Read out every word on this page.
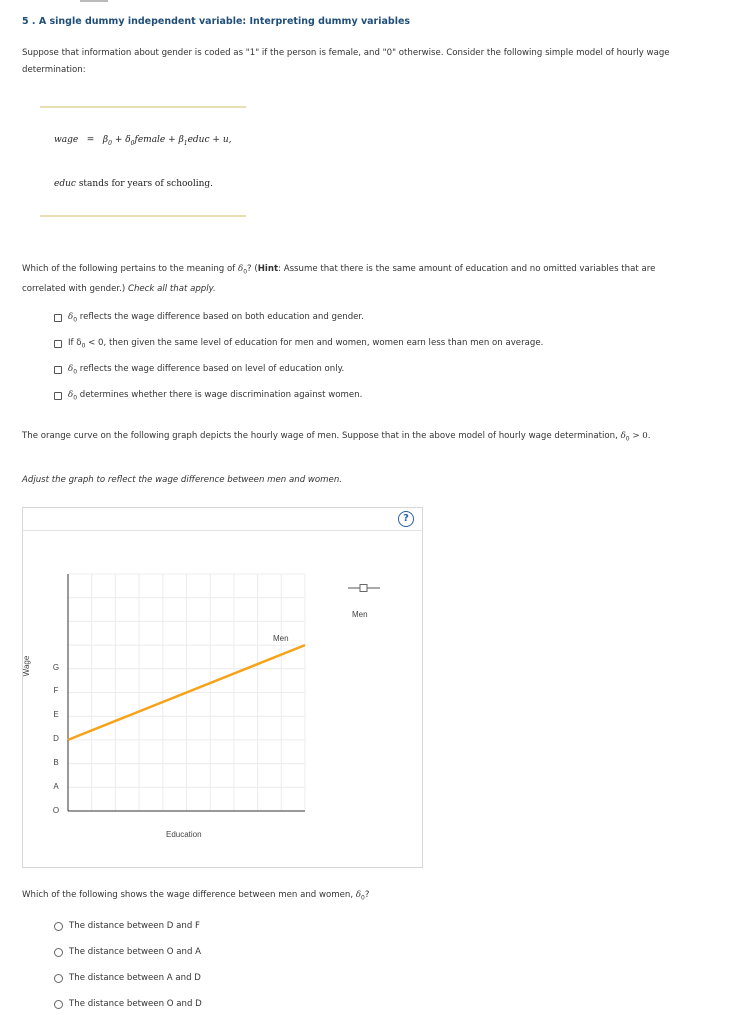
5 . A single dummy independent variable: Interpreting dummy variables
Suppose that information about gender is coded as "1" if the person is female, and "0" otherwise. Consider the following simple model of hourly wage
determination:
wage = $\beta_0$ + $\delta_0female$ + $\beta_1educ + u$,
educ stands for years of schooling.
Which of the following pertains to the meaning of $\delta_0$? (Hint: Assume that there is the same amount of education and no omitted variables that are
correlated with gender.) Check all that apply.
$\delta_0$ reflects the wage difference based on both education and gender.
If $\delta_0 < 0$, then given the same level of education for men and women, women earn less than men on average.
$\delta_0$ reflects the wage difference based on level of education only.
$\delta_0$ determines whether there is wage discrimination against women.
The orange curve on the following graph depicts the hourly wage of men. Suppose that in the above model of hourly wage determination, $\delta_0 > 0$.
Adjust the graph to reflect the wage difference between men and women.
?
Men
Men
Wage	G
F
E
D
B
A
O
Education
Which of the following shows the wage difference between men and women, $\delta_0$?
The distance between D and F
The distance between O and A
The distance between A and D
The distance between O and D
